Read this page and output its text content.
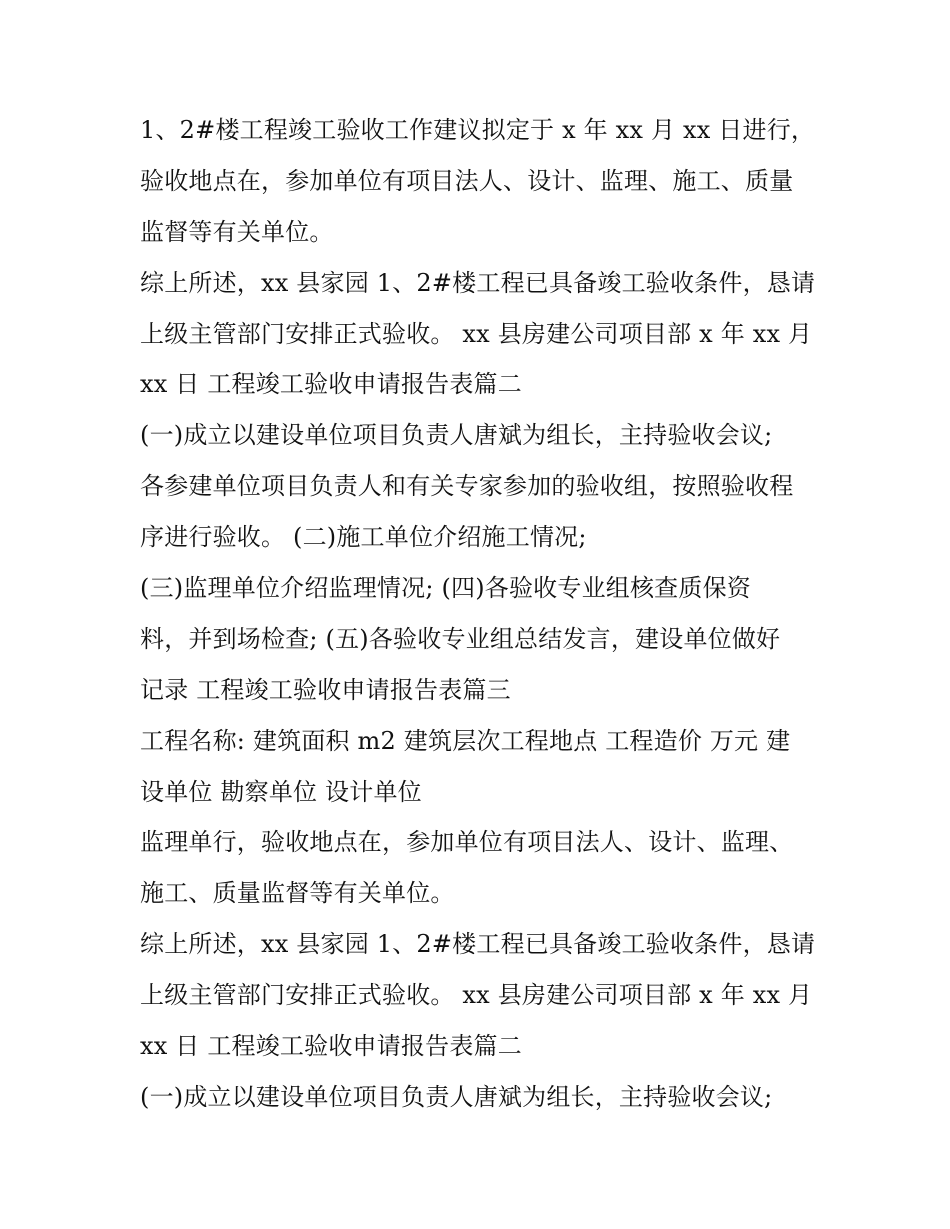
1、2#楼工程竣工验收工作建议拟定于 x 年 xx 月 xx 日进行，
验收地点在，参加单位有项目法人、设计、监理、施工、质量
监督等有关单位。
综上所述，xx 县家园 1、2#楼工程已具备竣工验收条件，恳请
上级主管部门安排正式验收。 xx 县房建公司项目部 x 年 xx 月
xx 日 工程竣工验收申请报告表篇二
(一)成立以建设单位项目负责人唐斌为组长，主持验收会议;
各参建单位项目负责人和有关专家参加的验收组，按照验收程
序进行验收。 (二)施工单位介绍施工情况;
(三)监理单位介绍监理情况; (四)各验收专业组核查质保资
料，并到场检查; (五)各验收专业组总结发言，建设单位做好
记录 工程竣工验收申请报告表篇三
工程名称: 建筑面积 m2 建筑层次工程地点 工程造价 万元 建
设单位 勘察单位 设计单位
监理单行，验收地点在，参加单位有项目法人、设计、监理、
施工、质量监督等有关单位。
综上所述，xx 县家园 1、2#楼工程已具备竣工验收条件，恳请
上级主管部门安排正式验收。 xx 县房建公司项目部 x 年 xx 月
xx 日 工程竣工验收申请报告表篇二
(一)成立以建设单位项目负责人唐斌为组长，主持验收会议;
